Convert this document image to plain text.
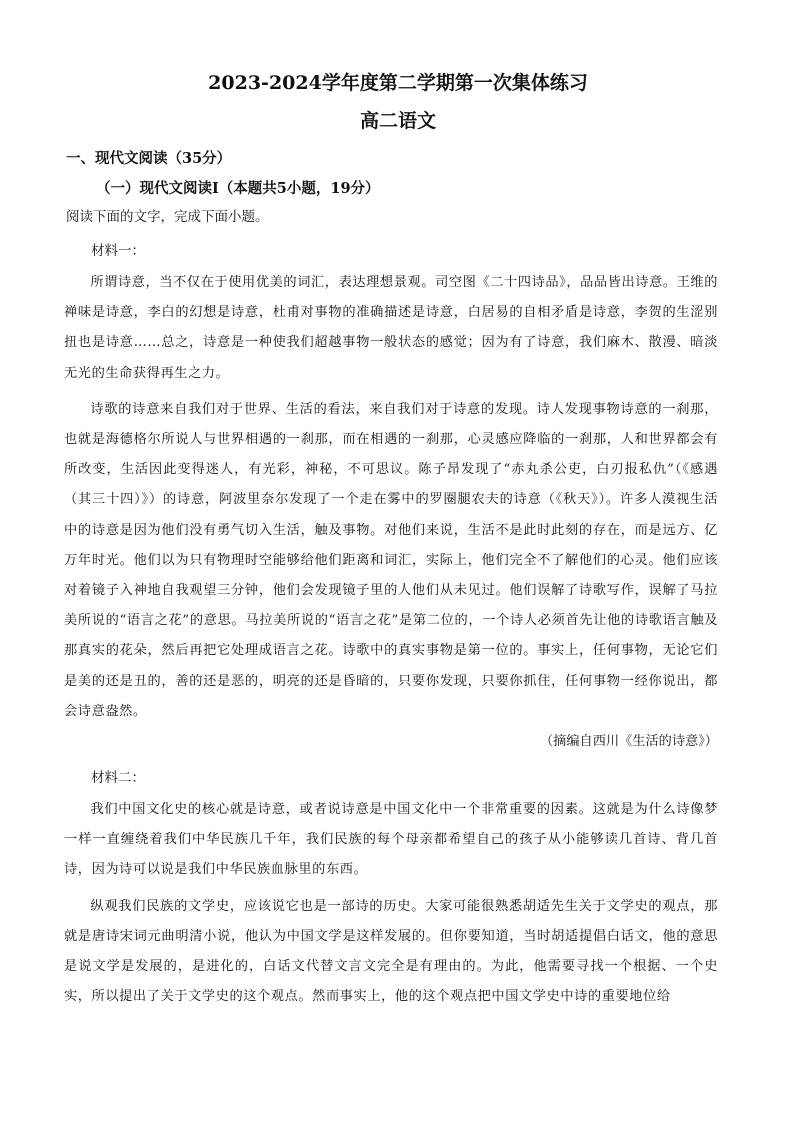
2023-2024学年度第二学期第一次集体练习
高二语文
一、现代文阅读（35分）
（一）现代文阅读Ⅰ（本题共5小题，19分）
阅读下面的文字，完成下面小题。
材料一：

所谓诗意，当不仅在于使用优美的词汇，表达理想景观。司空图《二十四诗品》，品品皆出诗意。王维的禅味是诗意，李白的幻想是诗意，杜甫对事物的准确描述是诗意，白居易的自相矛盾是诗意，李贺的生涩别扭也是诗意……总之，诗意是一种使我们超越事物一般状态的感觉；因为有了诗意，我们麻木、散漫、暗淡无光的生命获得再生之力。

诗歌的诗意来自我们对于世界、生活的看法，来自我们对于诗意的发现。诗人发现事物诗意的一刹那，也就是海德格尔所说人与世界相遇的一刹那，而在相遇的一刹那，心灵感应降临的一刹那，人和世界都会有所改变，生活因此变得迷人，有光彩，神秘，不可思议。陈子昂发现了“赤丸杀公吏，白刃报私仇”（《感遇（其三十四）》）的诗意，阿波里奈尔发现了一个走在雾中的罗圈腿农夫的诗意（《秋天》）。许多人漠视生活中的诗意是因为他们没有勇气切入生活，触及事物。对他们来说，生活不是此时此刻的存在，而是远方、亿万年时光。他们以为只有物理时空能够给他们距离和词汇，实际上，他们完全不了解他们的心灵。他们应该对着镜子入神地自我观望三分钟，他们会发现镜子里的人他们从未见过。他们误解了诗歌写作，误解了马拉美所说的“语言之花”的意思。马拉美所说的“语言之花”是第二位的，一个诗人必须首先让他的诗歌语言触及那真实的花朵，然后再把它处理成语言之花。诗歌中的真实事物是第一位的。事实上，任何事物，无论它们是美的还是丑的，善的还是恶的，明亮的还是昏暗的，只要你发现，只要你抓住，任何事物一经你说出，都会诗意盎然。

（摘编自西川《生活的诗意》）
材料二：

我们中国文化史的核心就是诗意，或者说诗意是中国文化中一个非常重要的因素。这就是为什么诗像梦一样一直缠绕着我们中华民族几千年，我们民族的每个母亲都希望自己的孩子从小能够读几首诗、背几首诗，因为诗可以说是我们中华民族血脉里的东西。

纵观我们民族的文学史，应该说它也是一部诗的历史。大家可能很熟悉胡适先生关于文学史的观点，那就是唐诗宋词元曲明清小说，他认为中国文学是这样发展的。但你要知道，当时胡适提倡白话文，他的意思是说文学是发展的，是进化的，白话文代替文言文完全是有理由的。为此，他需要寻找一个根据、一个史实，所以提出了关于文学史的这个观点。然而事实上，他的这个观点把中国文学史中诗的重要地位给
